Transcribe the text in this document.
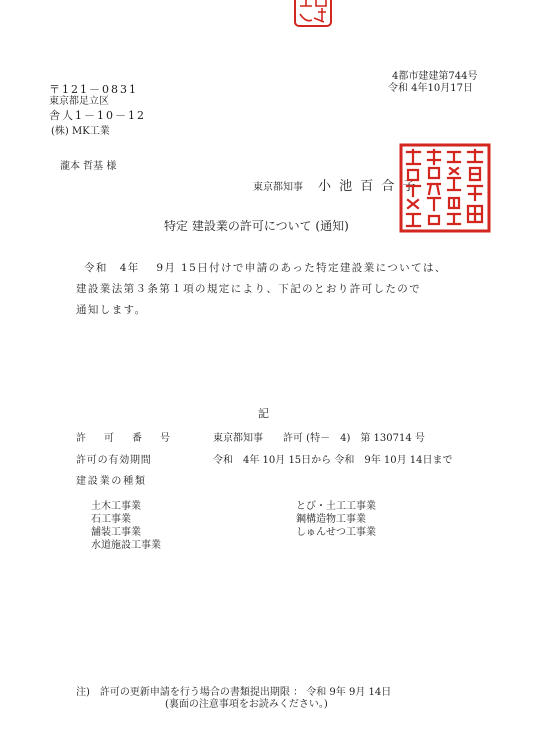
4都市建建第744号
令和 4年10月17日
〒121－0831
東京都足立区
舎人1－10－12
(株) MK工業
瀧本 哲基 様
東京都知事 小 池 百 合 子
特定 建設業の許可について (通知)
令和　4年　 9月 15日付けで申請のあった特定建設業については、
建設業法第３条第１項の規定により、下記のとおり許可したので
通知します。
記
許　可　番　号	東京都知事　　許可 (特－　4)　第 130714 号
許可の有効期間	令和　4年 10月 15日から 令和　9年 10月 14日まで
建設業の種類
土木工事業
石工事業
舗装工事業
水道施設工事業
とび・土工工事業
鋼構造物工事業
しゅんせつ工事業
注)　許可の更新申請を行う場合の書類提出期限 ： 令和 9年 9月 14日
(裏面の注意事項をお読みください。)
